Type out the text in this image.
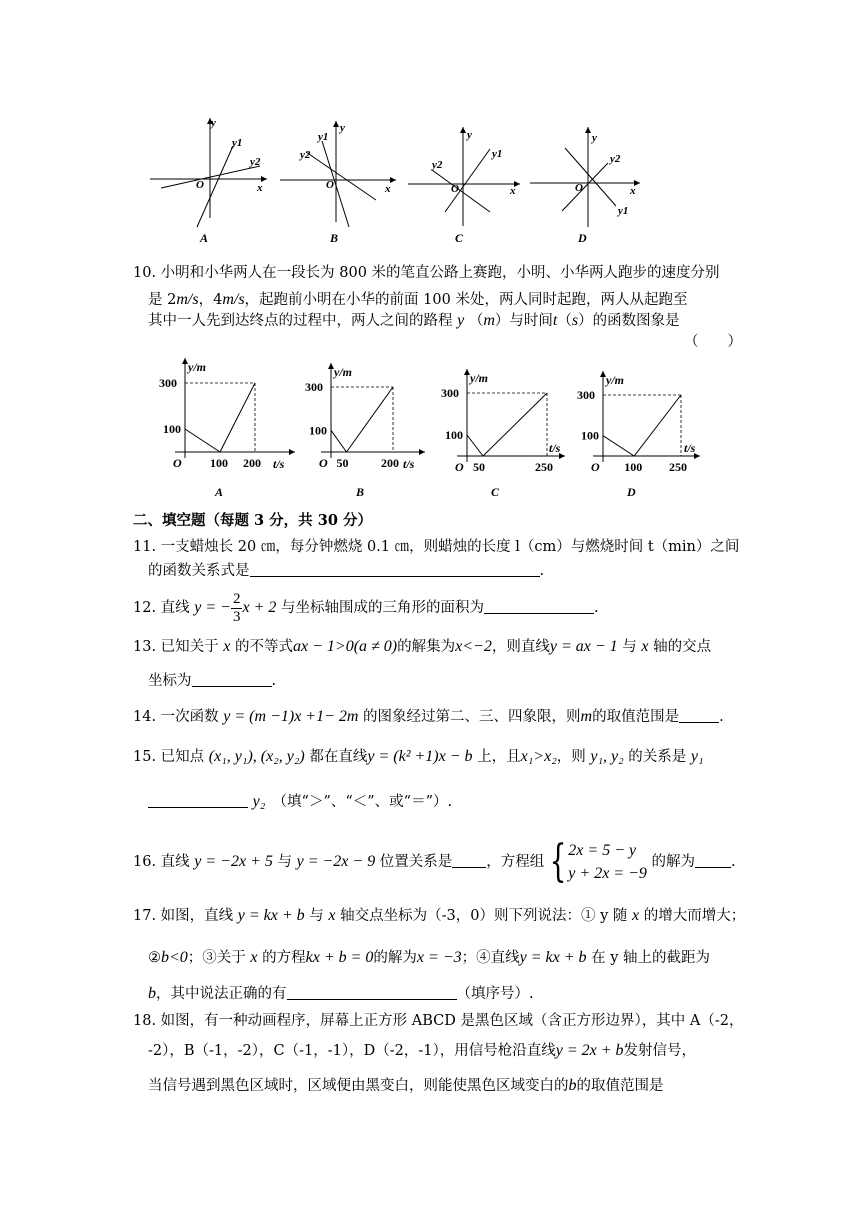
y
y1
y2
O	x
A
y
y1
y2
O	x
B
y
y1
y2
O	x
C
y
y2
y1
O	x
D
10. 小明和小华两人在一段长为 800 米的笔直公路上赛跑，小明、小华两人跑步的速度分别
是 2m/s，4m/s，起跑前小明在小华的前面 100 米处，两人同时起跑，两人从起跑至
其中一人先到达终点的过程中，两人之间的路程 y （m）与时间t（s）的函数图象是
（　　）
y/m
300
100
O 100 200 t/s
A
y/m
300
100
O 50	200 t/s
B
y/m
300
100
O 50	250
t/s
C
y/m
300
100
O 100 250
t/s
D
二、填空题（每题 3 分，共 30 分）
11. 一支蜡烛长 20 ㎝，每分钟燃烧 0.1 ㎝，则蜡烛的长度 l（cm）与燃烧时间 t（min）之间
的函数关系式是	.
12. 直线 y = − $\frac{2}{3}$ x + 2 与坐标轴围成的三角形的面积为	.
13. 已知关于 x 的不等式ax − 1>0(a ≠ 0)的解集为x<−2，则直线y = ax − 1 与 x 轴的交点
坐标为	.
14. 一次函数 y = (m −1)x +1− 2m 的图象经过第二、三、四象限，则m的取值范围是	.
15. 已知点 (x₁, y₁), (x₂, y₂) 都在直线y = (k² +1)x − b 上，且x₁>x₂，则 y₁, y₂ 的关系是 y₁
y₂　 （填“＞”、“＜”、或“＝”）.
16. 直线 y = −2x + 5 与 y = −2x − 9 位置关系是 ，方程组 { 2x = 5 − y
y + 2x = −9
的解为 .
17. 如图，直线 y = kx + b 与 x 轴交点坐标为（-3，0）则下列说法：① y 随 x 的增大而增大；
②b<0；③关于 x 的方程kx + b = 0的解为x = −3；④直线y = kx + b 在 y 轴上的截距为
b，其中说法正确的有	（填序号）.
18. 如图，有一种动画程序，屏幕上正方形 ABCD 是黑色区域（含正方形边界），其中 A（-2，
-2），B（-1，-2），C（-1，-1），D（-2，-1），用信号枪沿直线y = 2x + b发射信号，
当信号遇到黑色区域时，区域便由黑变白，则能使黑色区域变白的b的取值范围是
